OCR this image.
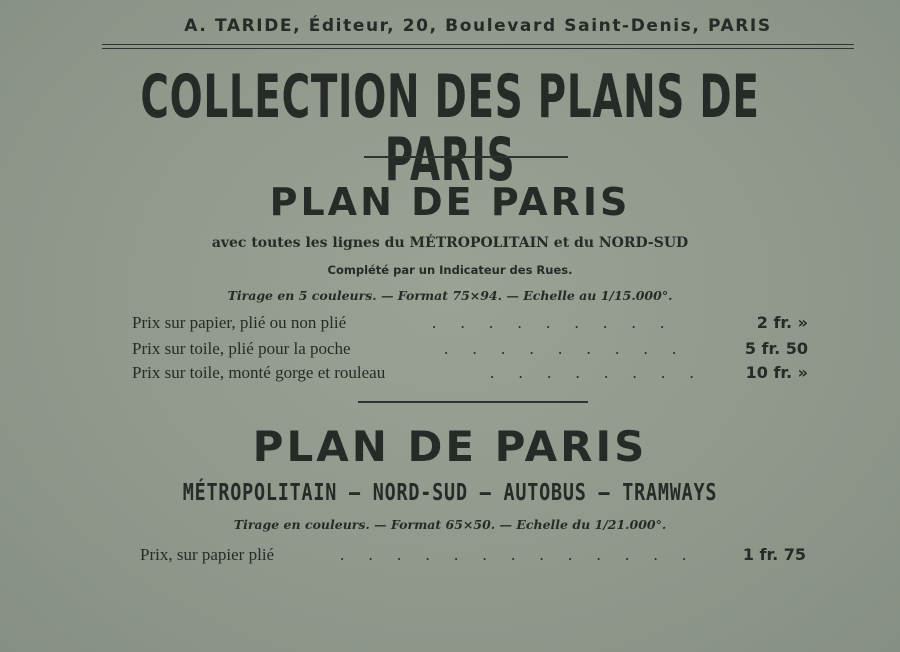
A. TARIDE, Éditeur, 20, Boulevard Saint-Denis, PARIS
COLLECTION DES PLANS DE PARIS
PLAN DE PARIS
avec toutes les lignes du MÉTROPOLITAIN et du NORD-SUD
Complété par un Indicateur des Rues.
Tirage en 5 couleurs. — Format 75×94. — Echelle au 1/15.000°.
Prix sur papier, plié ou non plié	. . . . . . . . .	2 fr. »
Prix sur toile, plié pour la poche	. . . . . . . . .	5 fr. 50
Prix sur toile, monté gorge et rouleau	. . . . . . . .	10 fr. »
PLAN DE PARIS
MÉTROPOLITAIN — NORD-SUD — AUTOBUS — TRAMWAYS
Tirage en couleurs. — Format 65×50. — Echelle du 1/21.000°.
Prix, sur papier plié	. . . . . . . . . . . . .	1 fr. 75
